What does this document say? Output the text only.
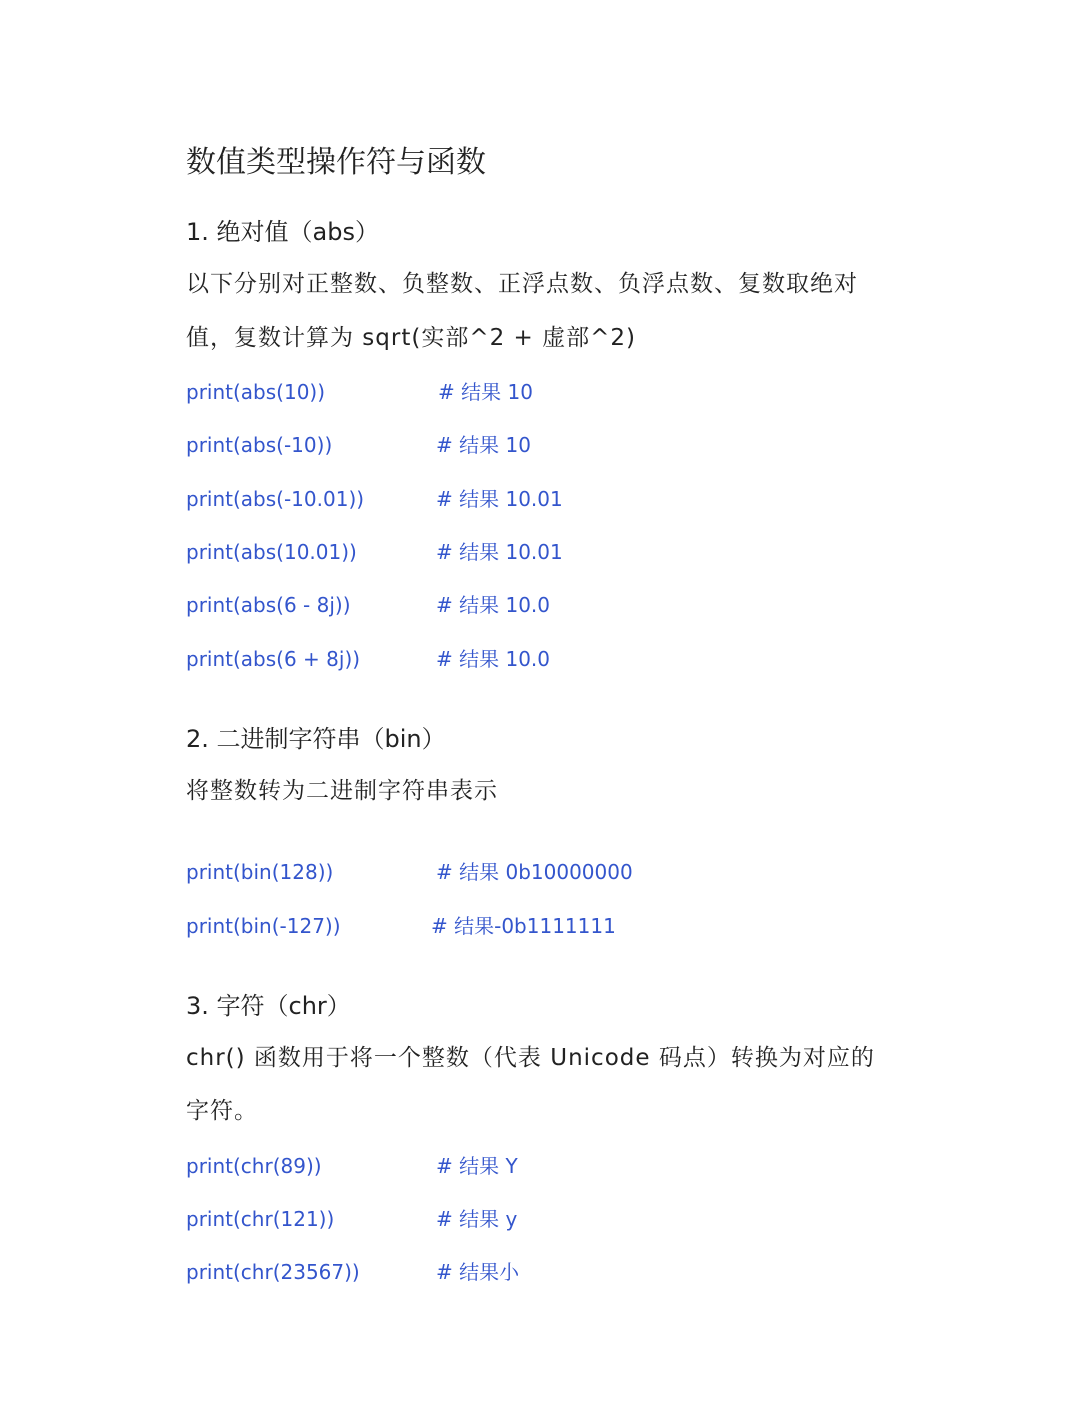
数值类型操作符与函数
1. 绝对值（abs）

以下分别对正整数、负整数、正浮点数、负浮点数、复数取绝对

值，复数计算为 sqrt(实部^2 + 虚部^2)

print(abs(10))	# 结果 10
print(abs(-10))	# 结果 10
print(abs(-10.01))	# 结果 10.01
print(abs(10.01))	# 结果 10.01
print(abs(6 - 8j))	# 结果 10.0
print(abs(6 + 8j))	# 结果 10.0
2. 二进制字符串（bin）

将整数转为二进制字符串表示

print(bin(128))	# 结果 0b10000000
print(bin(-127))	# 结果-0b1111111
3. 字符（chr）

chr() 函数用于将一个整数（代表 Unicode 码点）转换为对应的

字符。

print(chr(89))	# 结果 Y
print(chr(121))	# 结果 y
print(chr(23567))	# 结果小
